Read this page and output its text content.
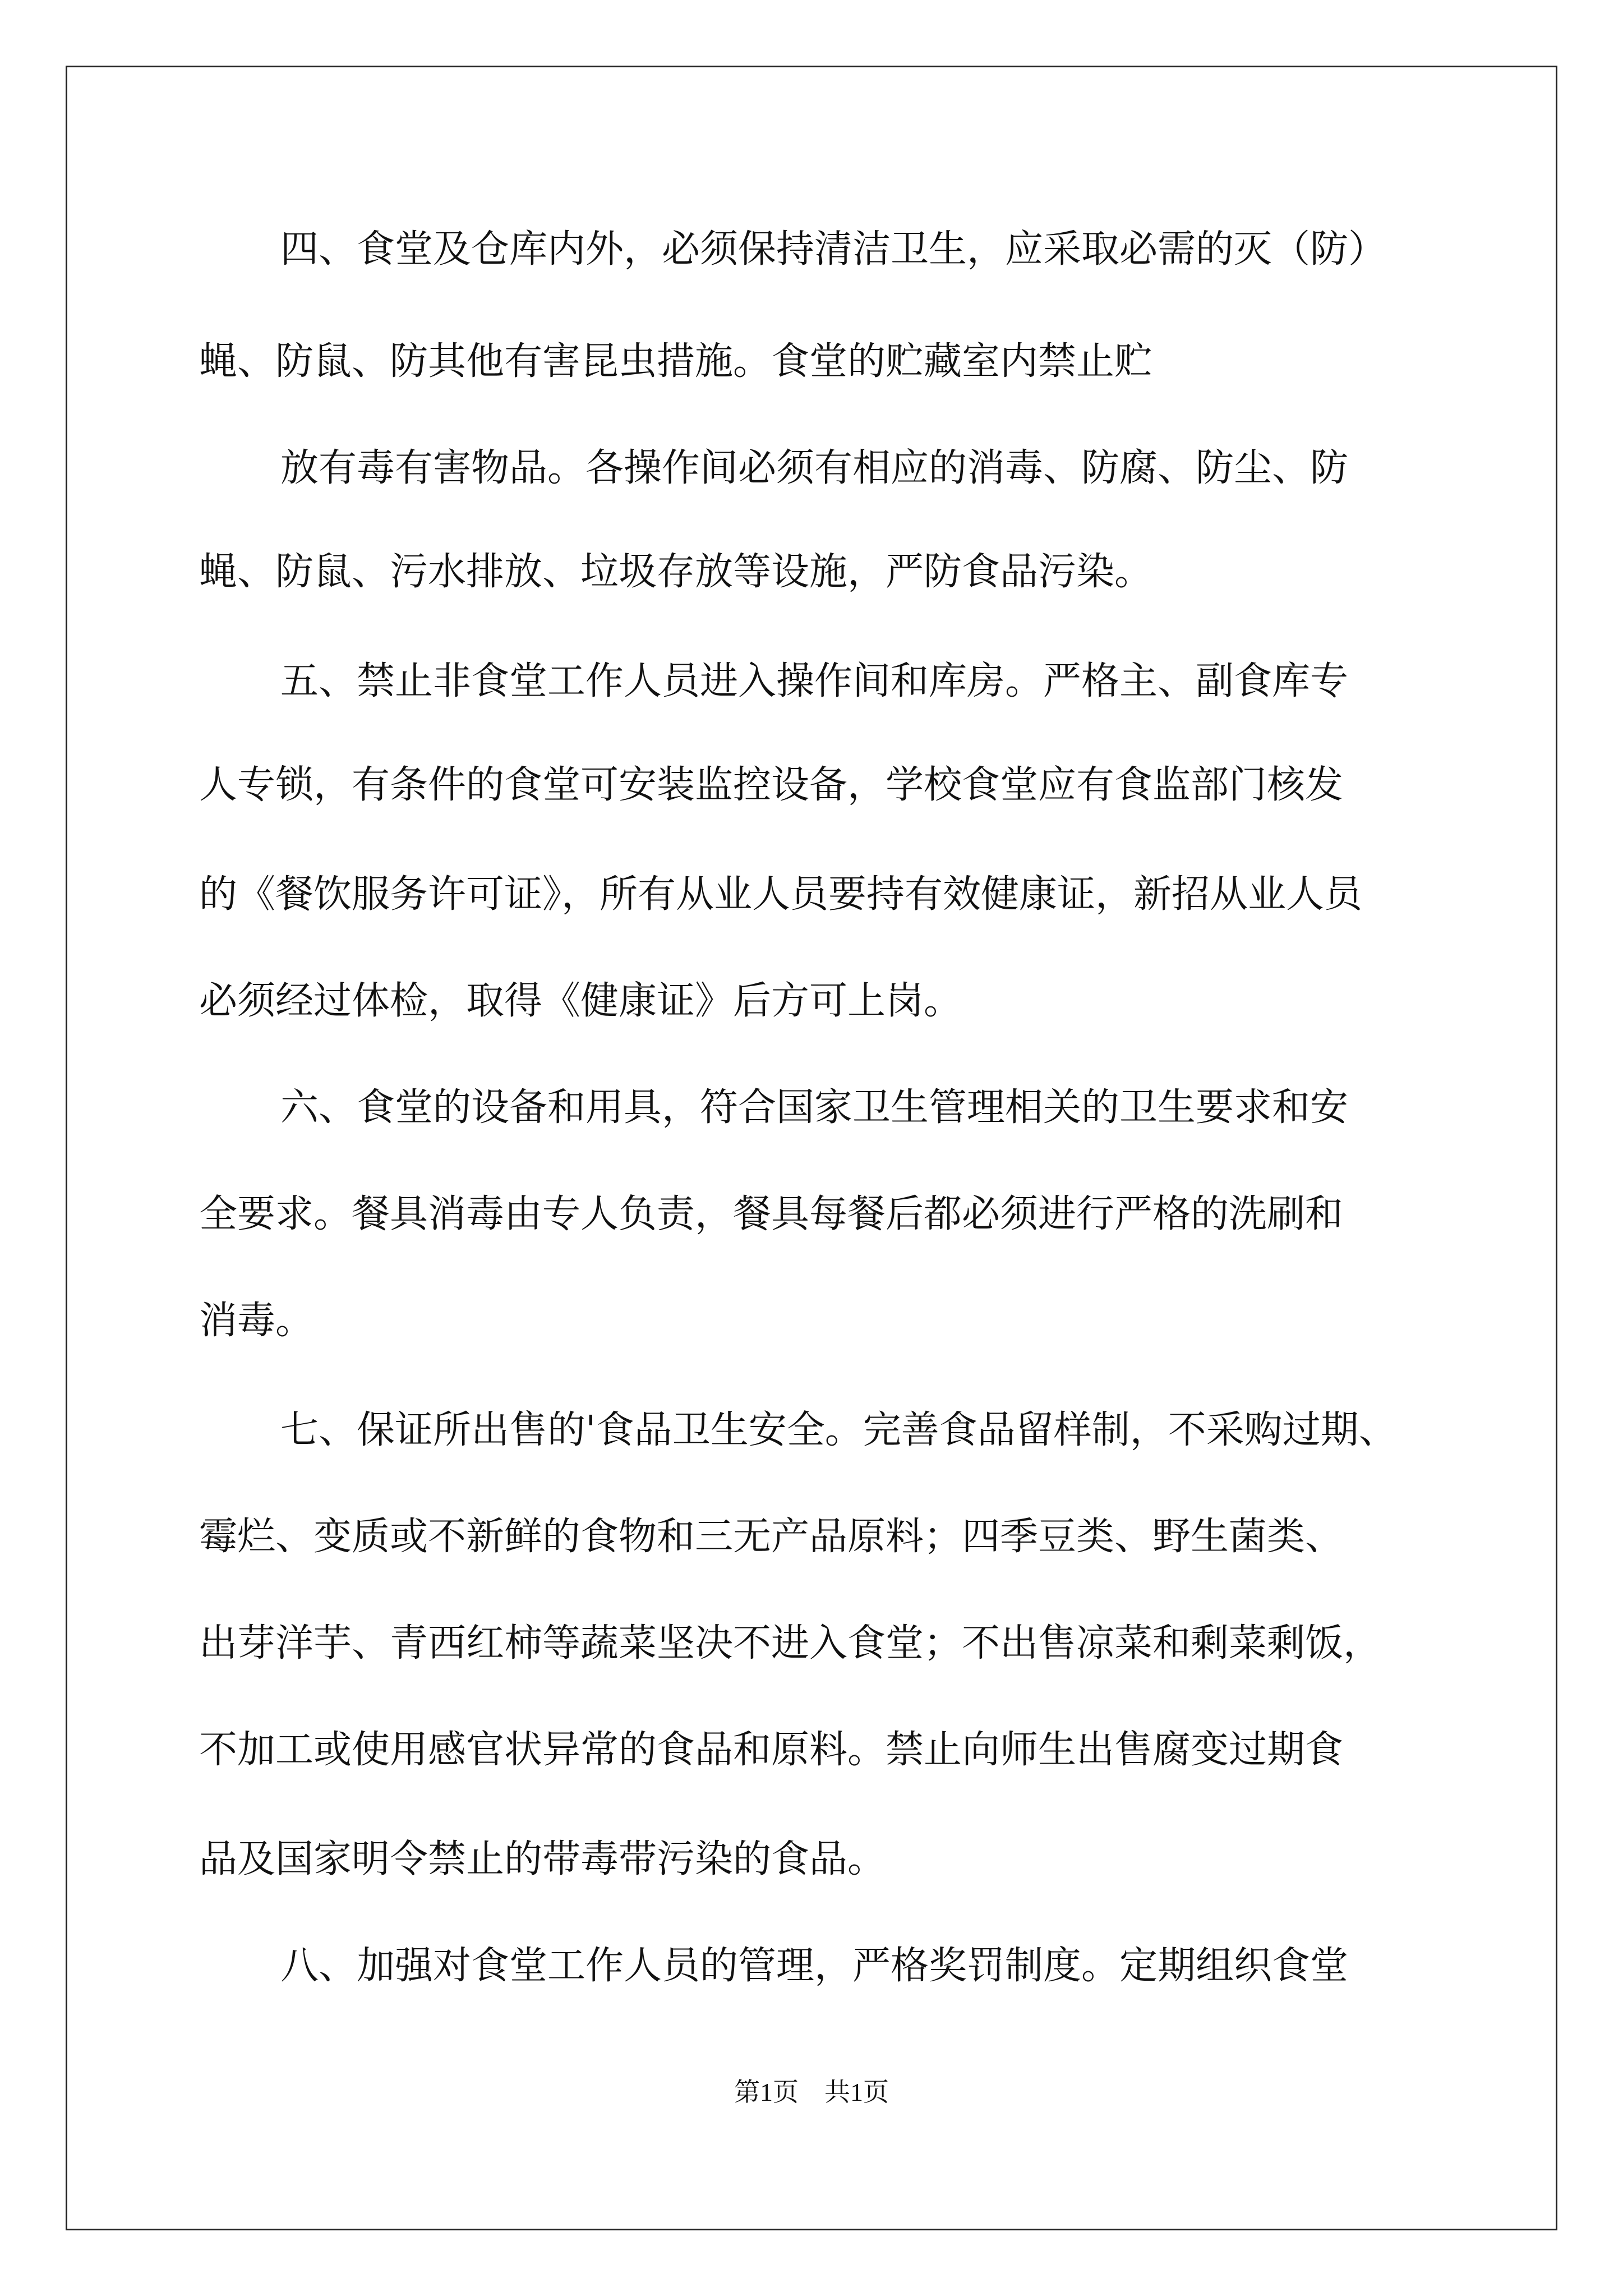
四、食堂及仓库内外，必须保持清洁卫生，应采取必需的灭（防）
蝇、防鼠、防其他有害昆虫措施。食堂的贮藏室内禁止贮
放有毒有害物品。各操作间必须有相应的消毒、防腐、防尘、防
蝇、防鼠、污水排放、垃圾存放等设施，严防食品污染。
五、禁止非食堂工作人员进入操作间和库房。严格主、副食库专
人专锁，有条件的食堂可安装监控设备，学校食堂应有食监部门核发
的《餐饮服务许可证》，所有从业人员要持有效健康证，新招从业人员
必须经过体检，取得《健康证》后方可上岗。
六、食堂的设备和用具，符合国家卫生管理相关的卫生要求和安
全要求。餐具消毒由专人负责，餐具每餐后都必须进行严格的洗刷和
消毒。
七、保证所出售的'食品卫生安全。完善食品留样制，不采购过期、
霉烂、变质或不新鲜的食物和三无产品原料；四季豆类、野生菌类、
出芽洋芋、青西红柿等蔬菜坚决不进入食堂；不出售凉菜和剩菜剩饭，
不加工或使用感官状异常的食品和原料。禁止向师生出售腐变过期食
品及国家明令禁止的带毒带污染的食品。
八、加强对食堂工作人员的管理，严格奖罚制度。定期组织食堂
第1页　共1页
